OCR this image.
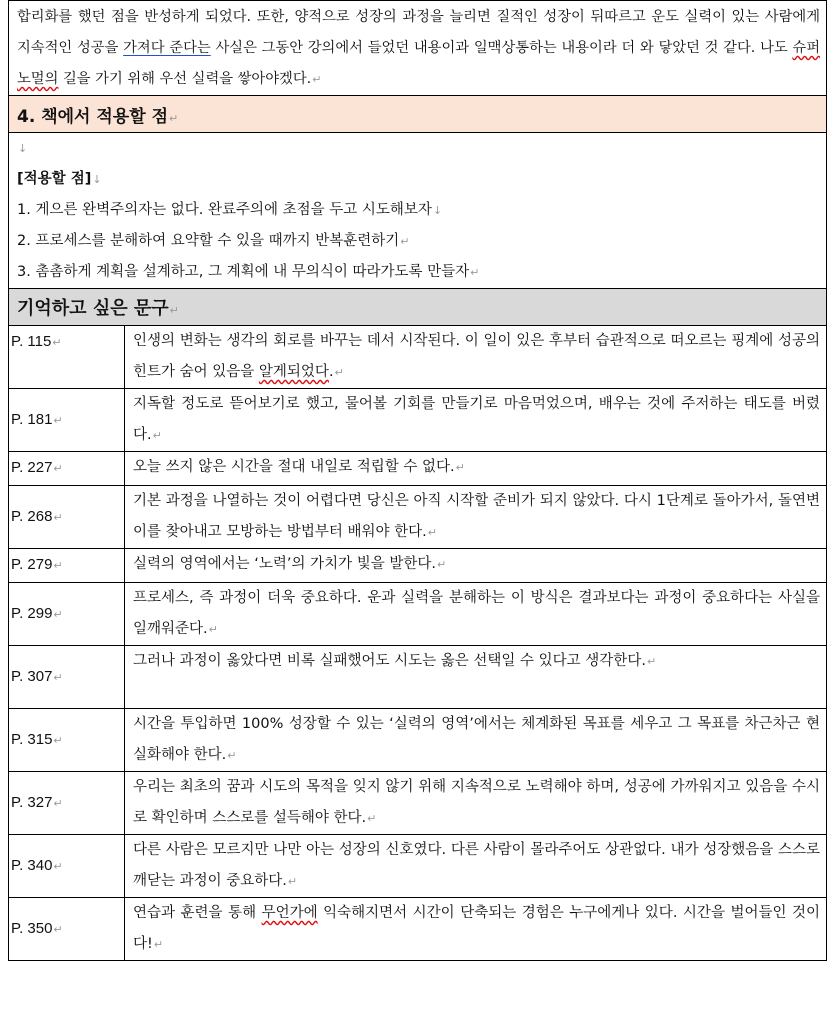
합리화를 했던 점을 반성하게 되었다. 또한, 양적으로 성장의 과정을 늘리면 질적인 성장이 뒤따르고 운도 실력이 있는 사람에게 지속적인 성공을 가져다 준다는 사실은 그동안 강의에서 들었던 내용이과 일맥상통하는 내용이라 더 와 닿았던 것 같다. 나도 슈퍼노멀의 길을 가기 위해 우선 실력을 쌓아야겠다.↵	
4. 책에서 적용할 점↵	

↓
[적용할 점]↓
1. 게으른 완벽주의자는 없다. 완료주의에 초점을 두고 시도해보자↓
2. 프로세스를 분해하여 요약할 수 있을 때까지 반복훈련하기↵
3. 촘촘하게 계획을 설계하고, 그 계획에 내 무의식이 따라가도록 만들자↵	

기억하고 싶은 문구↵	
P. 115↵	인생의 변화는 생각의 회로를 바꾸는 데서 시작된다. 이 일이 있은 후부터 습관적으로 떠오르는 핑계에 성공의 힌트가 숨어 있음을 알게되었다.↵
P. 181↵	지독할 정도로 뜯어보기로 했고, 물어볼 기회를 만들기로 마음먹었으며, 배우는 것에 주저하는 태도를 버렸다.↵
P. 227↵	오늘 쓰지 않은 시간을 절대 내일로 적립할 수 없다.↵
P. 268↵	기본 과정을 나열하는 것이 어렵다면 당신은 아직 시작할 준비가 되지 않았다. 다시 1단계로 돌아가서, 돌연변이를 찾아내고 모방하는 방법부터 배워야 한다.↵
P. 279↵	실력의 영역에서는 ‘노력’의 가치가 빛을 발한다.↵
P. 299↵	프로세스, 즉 과정이 더욱 중요하다. 운과 실력을 분해하는 이 방식은 결과보다는 과정이 중요하다는 사실을 일깨워준다.↵
P. 307↵	그러나 과정이 옳았다면 비록 실패했어도 시도는 옳은 선택일 수 있다고 생각한다.↵
P. 315↵	시간을 투입하면 100% 성장할 수 있는 ‘실력의 영역’에서는 체계화된 목표를 세우고 그 목표를 차근차근 현실화해야 한다.↵
P. 327↵	우리는 최초의 꿈과 시도의 목적을 잊지 않기 위해 지속적으로 노력해야 하며, 성공에 가까워지고 있음을 수시로 확인하며 스스로를 설득해야 한다.↵
P. 340↵	다른 사람은 모르지만 나만 아는 성장의 신호였다. 다른 사람이 몰라주어도 상관없다. 내가 성장했음을 스스로 깨닫는 과정이 중요하다.↵
P. 350↵	연습과 훈련을 통해 무언가에 익숙해지면서 시간이 단축되는 경험은 누구에게나 있다. 시간을 벌어들인 것이다!↵
